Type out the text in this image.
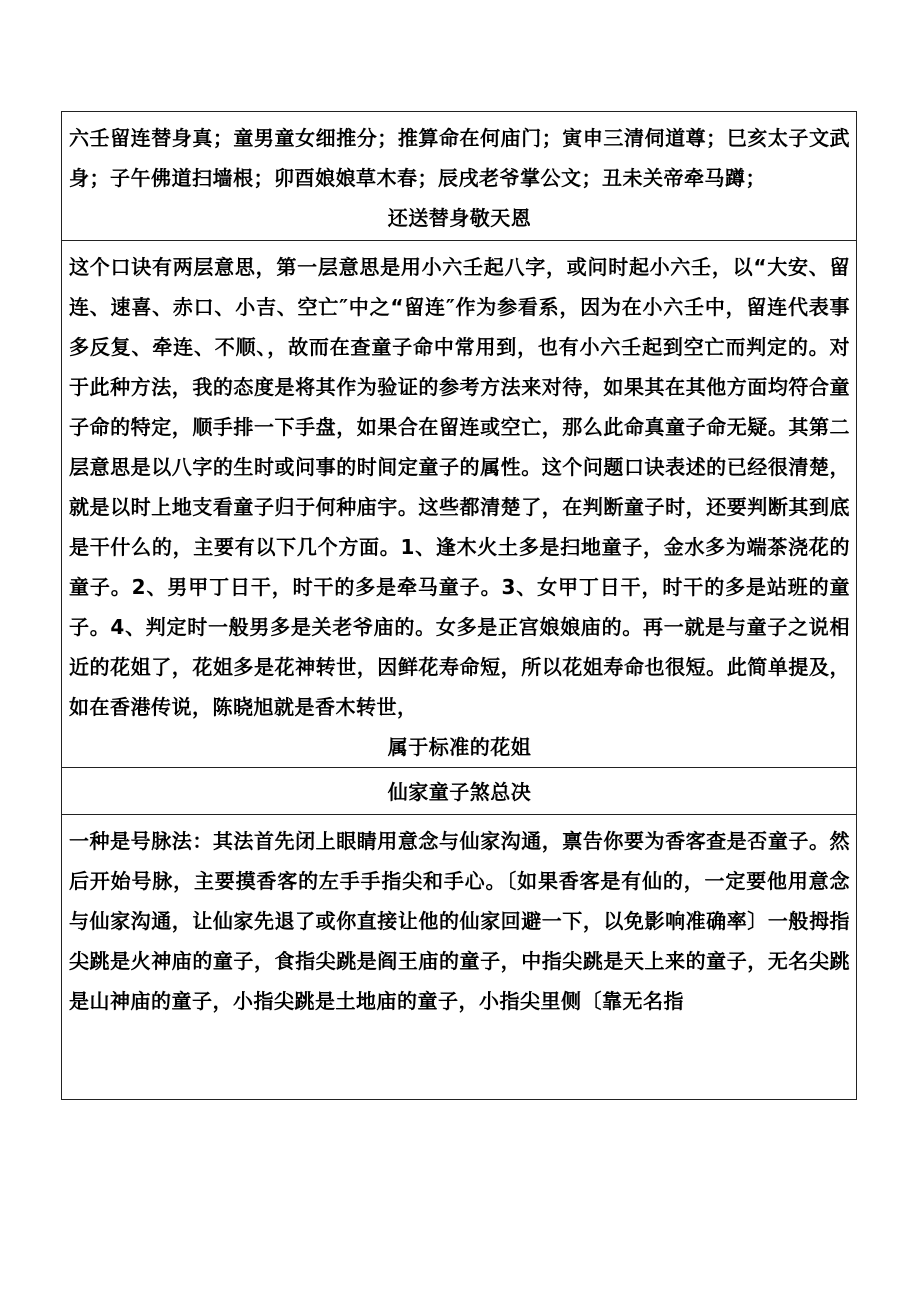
六壬留连替身真；童男童女细推分；推算命在何庙门；寅申三清伺道尊；巳亥太子文武身；子午佛道扫墙根；卯酉娘娘草木春；辰戌老爷掌公文；丑未关帝牵马蹲；

还送替身敬天恩

这个口诀有两层意思，第一层意思是用小六壬起八字，或问时起小六壬，以“大安、留连、速喜、赤口、小吉、空亡″中之“留连″作为参看系，因为在小六壬中，留连代表事多反复、牵连、不顺、，故而在查童子命中常用到，也有小六壬起到空亡而判定的。对于此种方法，我的态度是将其作为验证的参考方法来对待，如果其在其他方面均符合童子命的特定，顺手排一下手盘，如果合在留连或空亡，那么此命真童子命无疑。其第二层意思是以八字的生时或问事的时间定童子的属性。这个问题口诀表述的已经很清楚，就是以时上地支看童子归于何种庙宇。这些都清楚了，在判断童子时，还要判断其到底是干什么的，主要有以下几个方面。1、逢木火土多是扫地童子，金水多为端茶浇花的童子。2、男甲丁日干，时干的多是牵马童子。3、女甲丁日干，时干的多是站班的童子。4、判定时一般男多是关老爷庙的。女多是正宫娘娘庙的。再一就是与童子之说相近的花姐了，花姐多是花神转世，因鲜花寿命短，所以花姐寿命也很短。此简单提及，如在香港传说，陈晓旭就是香木转世，

属于标准的花姐

仙家童子煞总决

一种是号脉法：其法首先闭上眼睛用意念与仙家沟通，禀告你要为香客查是否童子。然后开始号脉，主要摸香客的左手手指尖和手心。〔如果香客是有仙的，一定要他用意念与仙家沟通，让仙家先退了或你直接让他的仙家回避一下，以免影响准确率〕一般拇指尖跳是火神庙的童子，食指尖跳是阎王庙的童子，中指尖跳是天上来的童子，无名尖跳是山神庙的童子，小指尖跳是土地庙的童子，小指尖里侧〔靠无名指
